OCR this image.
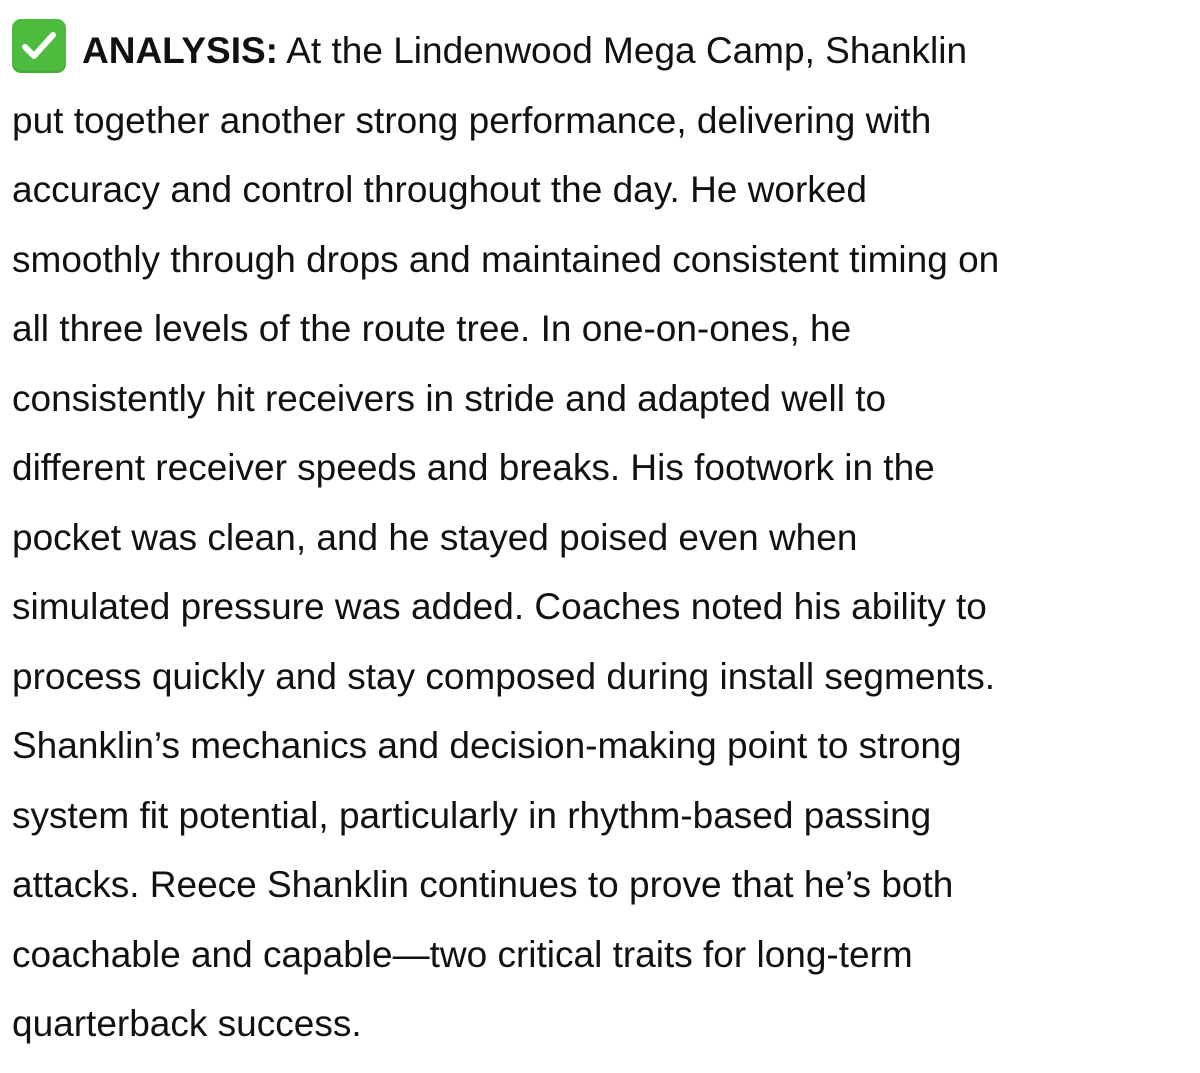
ANALYSIS: At the Lindenwood Mega Camp, Shanklin
put together another strong performance, delivering with
accuracy and control throughout the day. He worked
smoothly through drops and maintained consistent timing on
all three levels of the route tree. In one-on-ones, he
consistently hit receivers in stride and adapted well to
different receiver speeds and breaks. His footwork in the
pocket was clean, and he stayed poised even when
simulated pressure was added. Coaches noted his ability to
process quickly and stay composed during install segments.
Shanklin’s mechanics and decision-making point to strong
system fit potential, particularly in rhythm-based passing
attacks. Reece Shanklin continues to prove that he’s both
coachable and capable—two critical traits for long-term
quarterback success.
